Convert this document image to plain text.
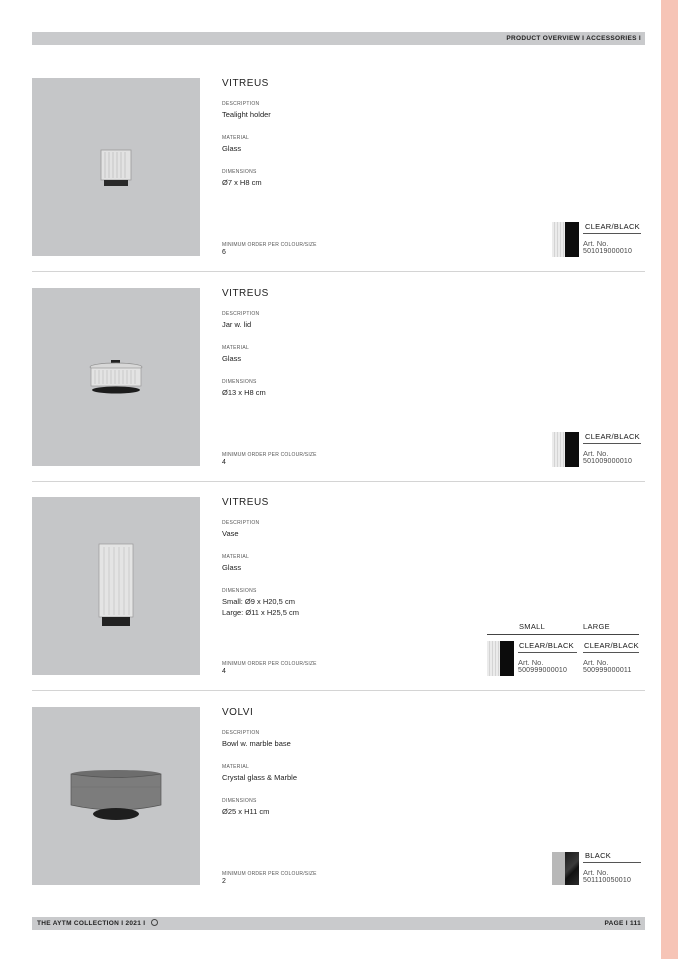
PRODUCT OVERVIEW I ACCESSORIES I
VITREUS
DESCRIPTION
Tealight holder
MATERIAL
Glass
DIMENSIONS
Ø7 x H8 cm
MINIMUM ORDER PER COLOUR/SIZE
6
CLEAR/BLACK
Art. No.
501019000010
VITREUS
DESCRIPTION
Jar w. lid
MATERIAL
Glass
DIMENSIONS
Ø13 x H8 cm
MINIMUM ORDER PER COLOUR/SIZE
4
CLEAR/BLACK
Art. No.
501009000010
VITREUS
DESCRIPTION
Vase
MATERIAL
Glass
DIMENSIONS
Small: Ø9 x H20,5 cm
Large: Ø11 x H25,5 cm
MINIMUM ORDER PER COLOUR/SIZE
4
SMALL	LARGE
CLEAR/BLACK
Art. No.
500999000010
CLEAR/BLACK
Art. No.
500999000011
VOLVI
DESCRIPTION
Bowl w. marble base
MATERIAL
Crystal glass & Marble
DIMENSIONS
Ø25 x H11 cm
MINIMUM ORDER PER COLOUR/SIZE
2
BLACK
Art. No.
501110050010
THE AYTM COLLECTION I 2021 I	PAGE I 111
